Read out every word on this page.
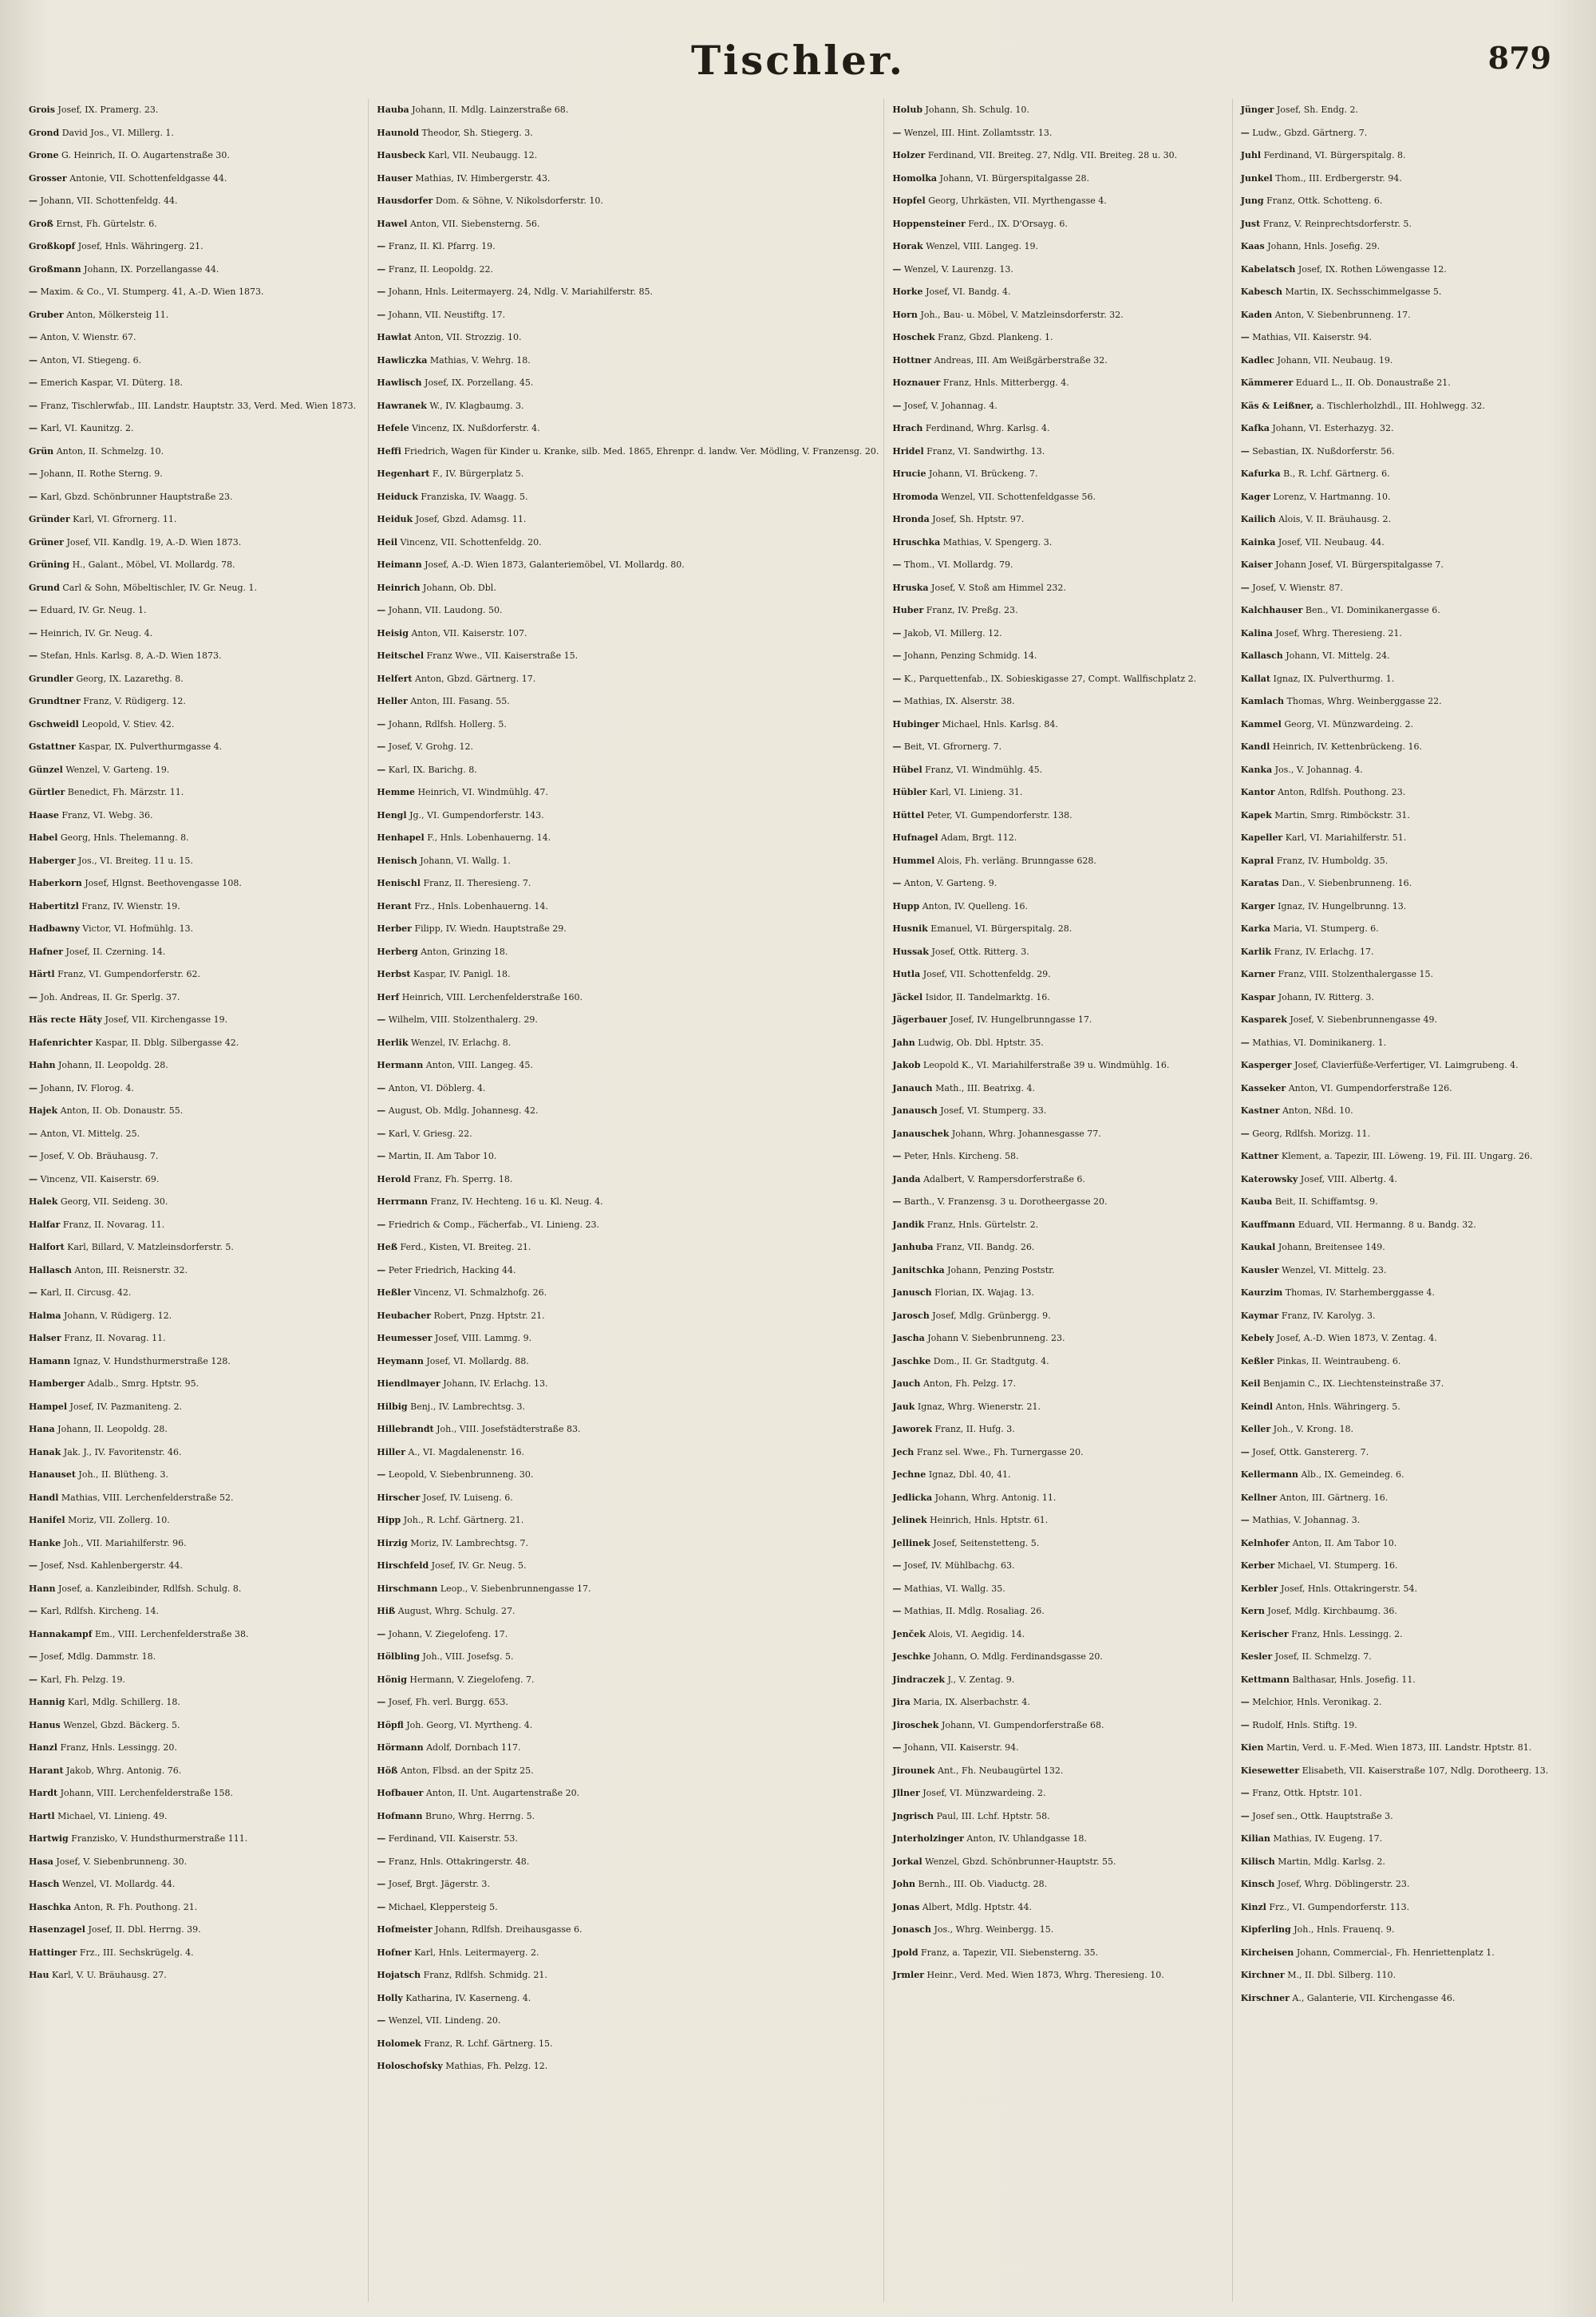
Tischler.	879
Grois Josef, IX. Pramerg. 23.
Grond David Jos., VI. Millerg. 1.
Grone G. Heinrich, II. O. Augartenstraße 30.
Grosser Antonie, VII. Schottenfeldgasse 44.
— Johann, VII. Schottenfeldg. 44.
Groß Ernst, Fh. Gürtelstr. 6.
Großkopf Josef, Hnls. Währingerg. 21.
Großmann Johann, IX. Porzellangasse 44.
— Maxim. & Co., VI. Stumperg. 41, A.-D. Wien 1873.
Gruber Anton, Mölkersteig 11.
— Anton, V. Wienstr. 67.
— Anton, VI. Stiegeng. 6.
— Emerich Kaspar, VI. Düterg. 18.
— Franz, Tischlerwfab., III. Landstr. Hauptstr. 33, Verd. Med. Wien 1873.
— Karl, VI. Kaunitzg. 2.
Grün Anton, II. Schmelzg. 10.
— Johann, II. Rothe Sterng. 9.
— Karl, Gbzd. Schönbrunner Hauptstraße 23.
Gründer Karl, VI. Gfrornerg. 11.
Grüner Josef, VII. Kandlg. 19, A.-D. Wien 1873.
Grüning H., Galant., Möbel, VI. Mollardg. 78.
Grund Carl & Sohn, Möbeltischler, IV. Gr. Neug. 1.
— Eduard, IV. Gr. Neug. 1.
— Heinrich, IV. Gr. Neug. 4.
— Stefan, Hnls. Karlsg. 8, A.-D. Wien 1873.
Grundler Georg, IX. Lazarethg. 8.
Grundtner Franz, V. Rüdigerg. 12.
Gschweidl Leopold, V. Stiev. 42.
Gstattner Kaspar, IX. Pulverthurmgasse 4.
Günzel Wenzel, V. Garteng. 19.
Gürtler Benedict, Fh. Märzstr. 11.
Haase Franz, VI. Webg. 36.
Habel Georg, Hnls. Thelemanng. 8.
Haberger Jos., VI. Breiteg. 11 u. 15.
Haberkorn Josef, Hlgnst. Beethovengasse 108.
Habertitzl Franz, IV. Wienstr. 19.
Hadbawny Victor, VI. Hofmühlg. 13.
Hafner Josef, II. Czerning. 14.
Härtl Franz, VI. Gumpendorferstr. 62.
— Joh. Andreas, II. Gr. Sperlg. 37.
Häs recte Häty Josef, VII. Kirchengasse 19.
Hafenrichter Kaspar, II. Dblg. Silbergasse 42.
Hahn Johann, II. Leopoldg. 28.
— Johann, IV. Florog. 4.
Hajek Anton, II. Ob. Donaustr. 55.
— Anton, VI. Mittelg. 25.
— Josef, V. Ob. Bräuhausg. 7.
— Vincenz, VII. Kaiserstr. 69.
Halek Georg, VII. Seideng. 30.
Halfar Franz, II. Novarag. 11.
Halfort Karl, Billard, V. Matzleinsdorferstr. 5.
Hallasch Anton, III. Reisnerstr. 32.
— Karl, II. Circusg. 42.
Halma Johann, V. Rüdigerg. 12.
Halser Franz, II. Novarag. 11.
Hamann Ignaz, V. Hundsthurmerstraße 128.
Hamberger Adalb., Smrg. Hptstr. 95.
Hampel Josef, IV. Pazmaniteng. 2.
Hana Johann, II. Leopoldg. 28.
Hanak Jak. J., IV. Favoritenstr. 46.
Hanauset Joh., II. Blütheng. 3.
Handl Mathias, VIII. Lerchenfelderstraße 52.
Hanifel Moriz, VII. Zollerg. 10.
Hanke Joh., VII. Mariahilferstr. 96.
— Josef, Nsd. Kahlenbergerstr. 44.
Hann Josef, a. Kanzleibinder, Rdlfsh. Schulg. 8.
— Karl, Rdlfsh. Kircheng. 14.
Hannakampf Em., VIII. Lerchenfelderstraße 38.
— Josef, Mdlg. Dammstr. 18.
— Karl, Fh. Pelzg. 19.
Hannig Karl, Mdlg. Schillerg. 18.
Hanus Wenzel, Gbzd. Bäckerg. 5.
Hanzl Franz, Hnls. Lessingg. 20.
Harant Jakob, Whrg. Antonig. 76.
Hardt Johann, VIII. Lerchenfelderstraße 158.
Hartl Michael, VI. Linieng. 49.
Hartwig Franzisko, V. Hundsthurmerstraße 111.
Hasa Josef, V. Siebenbrunneng. 30.
Hasch Wenzel, VI. Mollardg. 44.
Haschka Anton, R. Fh. Pouthong. 21.
Hasenzagel Josef, II. Dbl. Herrng. 39.
Hattinger Frz., III. Sechskrügelg. 4.
Hau Karl, V. U. Bräuhausg. 27.
Hauba Johann, II. Mdlg. Lainzerstraße 68.
Haunold Theodor, Sh. Stiegerg. 3.
Hausbeck Karl, VII. Neubaugg. 12.
Hauser Mathias, IV. Himbergerstr. 43.
Hausdorfer Dom. & Söhne, V. Nikolsdorferstr. 10.
Hawel Anton, VII. Siebensterng. 56.
— Franz, II. Kl. Pfarrg. 19.
— Franz, II. Leopoldg. 22.
— Johann, Hnls. Leitermayerg. 24, Ndlg. V. Mariahilferstr. 85.
— Johann, VII. Neustiftg. 17.
Hawlat Anton, VII. Strozzig. 10.
Hawliczka Mathias, V. Wehrg. 18.
Hawlisch Josef, IX. Porzellang. 45.
Hawranek W., IV. Klagbaumg. 3.
Hefele Vincenz, IX. Nußdorferstr. 4.
Heffi Friedrich, Wagen für Kinder u. Kranke, silb. Med. 1865, Ehrenpr. d. landw. Ver. Mödling, V. Franzensg. 20.
Hegenhart F., IV. Bürgerplatz 5.
Heiduck Franziska, IV. Waagg. 5.
Heiduk Josef, Gbzd. Adamsg. 11.
Heil Vincenz, VII. Schottenfeldg. 20.
Heimann Josef, A.-D. Wien 1873, Galanteriemöbel, VI. Mollardg. 80.
Heinrich Johann, Ob. Dbl.
— Johann, VII. Laudong. 50.
Heisig Anton, VII. Kaiserstr. 107.
Heitschel Franz Wwe., VII. Kaiserstraße 15.
Helfert Anton, Gbzd. Gärtnerg. 17.
Heller Anton, III. Fasang. 55.
— Johann, Rdlfsh. Hollerg. 5.
— Josef, V. Grohg. 12.
— Karl, IX. Barichg. 8.
Hemme Heinrich, VI. Windmühlg. 47.
Hengl Jg., VI. Gumpendorferstr. 143.
Henhapel F., Hnls. Lobenhauerng. 14.
Henisch Johann, VI. Wallg. 1.
Henischl Franz, II. Theresieng. 7.
Herant Frz., Hnls. Lobenhauerng. 14.
Herber Filipp, IV. Wiedn. Hauptstraße 29.
Herberg Anton, Grinzing 18.
Herbst Kaspar, IV. Panigl. 18.
Herf Heinrich, VIII. Lerchenfelderstraße 160.
— Wilhelm, VIII. Stolzenthalerg. 29.
Herlik Wenzel, IV. Erlachg. 8.
Hermann Anton, VIII. Langeg. 45.
— Anton, VI. Döblerg. 4.
— August, Ob. Mdlg. Johannesg. 42.
— Karl, V. Griesg. 22.
— Martin, II. Am Tabor 10.
Herold Franz, Fh. Sperrg. 18.
Herrmann Franz, IV. Hechteng. 16 u. Kl. Neug. 4.
— Friedrich & Comp., Fächerfab., VI. Linieng. 23.
Heß Ferd., Kisten, VI. Breiteg. 21.
— Peter Friedrich, Hacking 44.
Heßler Vincenz, VI. Schmalzhofg. 26.
Heubacher Robert, Pnzg. Hptstr. 21.
Heumesser Josef, VIII. Lammg. 9.
Heymann Josef, VI. Mollardg. 88.
Hiendlmayer Johann, IV. Erlachg. 13.
Hilbig Benj., IV. Lambrechtsg. 3.
Hillebrandt Joh., VIII. Josefstädterstraße 83.
Hiller A., VI. Magdalenenstr. 16.
— Leopold, V. Siebenbrunneng. 30.
Hirscher Josef, IV. Luiseng. 6.
Hipp Joh., R. Lchf. Gärtnerg. 21.
Hirzig Moriz, IV. Lambrechtsg. 7.
Hirschfeld Josef, IV. Gr. Neug. 5.
Hirschmann Leop., V. Siebenbrunnengasse 17.
Hiß August, Whrg. Schulg. 27.
— Johann, V. Ziegelofeng. 17.
Hölbling Joh., VIII. Josefsg. 5.
Hönig Hermann, V. Ziegelofeng. 7.
— Josef, Fh. verl. Burgg. 653.
Höpfl Joh. Georg, VI. Myrtheng. 4.
Hörmann Adolf, Dornbach 117.
Höß Anton, Flbsd. an der Spitz 25.
Hofbauer Anton, II. Unt. Augartenstraße 20.
Hofmann Bruno, Whrg. Herrng. 5.
— Ferdinand, VII. Kaiserstr. 53.
— Franz, Hnls. Ottakringerstr. 48.
— Josef, Brgt. Jägerstr. 3.
— Michael, Kleppersteig 5.
Hofmeister Johann, Rdlfsh. Dreihausgasse 6.
Hofner Karl, Hnls. Leitermayerg. 2.
Hojatsch Franz, Rdlfsh. Schmidg. 21.
Holly Katharina, IV. Kaserneng. 4.
— Wenzel, VII. Lindeng. 20.
Holomek Franz, R. Lchf. Gärtnerg. 15.
Holoschofsky Mathias, Fh. Pelzg. 12.
Holub Johann, Sh. Schulg. 10.
— Wenzel, III. Hint. Zollamtsstr. 13.
Holzer Ferdinand, VII. Breiteg. 27, Ndlg. VII. Breiteg. 28 u. 30.
Homolka Johann, VI. Bürgerspitalgasse 28.
Hopfel Georg, Uhrkästen, VII. Myrthengasse 4.
Hoppensteiner Ferd., IX. D'Orsayg. 6.
Horak Wenzel, VIII. Langeg. 19.
— Wenzel, V. Laurenzg. 13.
Horke Josef, VI. Bandg. 4.
Horn Joh., Bau- u. Möbel, V. Matzleinsdorferstr. 32.
Hoschek Franz, Gbzd. Plankeng. 1.
Hottner Andreas, III. Am Weißgärberstraße 32.
Hoznauer Franz, Hnls. Mitterbergg. 4.
— Josef, V. Johannag. 4.
Hrach Ferdinand, Whrg. Karlsg. 4.
Hridel Franz, VI. Sandwirthg. 13.
Hrucie Johann, VI. Brückeng. 7.
Hromoda Wenzel, VII. Schottenfeldgasse 56.
Hronda Josef, Sh. Hptstr. 97.
Hruschka Mathias, V. Spengerg. 3.
— Thom., VI. Mollardg. 79.
Hruska Josef, V. Stoß am Himmel 232.
Huber Franz, IV. Preßg. 23.
— Jakob, VI. Millerg. 12.
— Johann, Penzing Schmidg. 14.
— K., Parquettenfab., IX. Sobieskigasse 27, Compt. Wallfischplatz 2.
— Mathias, IX. Alserstr. 38.
Hubinger Michael, Hnls. Karlsg. 84.
— Beit, VI. Gfrornerg. 7.
Hübel Franz, VI. Windmühlg. 45.
Hübler Karl, VI. Linieng. 31.
Hüttel Peter, VI. Gumpendorferstr. 138.
Hufnagel Adam, Brgt. 112.
Hummel Alois, Fh. verläng. Brunngasse 628.
— Anton, V. Garteng. 9.
Hupp Anton, IV. Quelleng. 16.
Husnik Emanuel, VI. Bürgerspitalg. 28.
Hussak Josef, Ottk. Ritterg. 3.
Hutla Josef, VII. Schottenfeldg. 29.
Jäckel Isidor, II. Tandelmarktg. 16.
Jägerbauer Josef, IV. Hungelbrunngasse 17.
Jahn Ludwig, Ob. Dbl. Hptstr. 35.
Jakob Leopold K., VI. Mariahilferstraße 39 u. Windmühlg. 16.
Janauch Math., III. Beatrixg. 4.
Janausch Josef, VI. Stumperg. 33.
Janauschek Johann, Whrg. Johannesgasse 77.
— Peter, Hnls. Kircheng. 58.
Janda Adalbert, V. Rampersdorferstraße 6.
— Barth., V. Franzensg. 3 u. Dorotheergasse 20.
Jandik Franz, Hnls. Gürtelstr. 2.
Janhuba Franz, VII. Bandg. 26.
Janitschka Johann, Penzing Poststr.
Janusch Florian, IX. Wajag. 13.
Jarosch Josef, Mdlg. Grünbergg. 9.
Jascha Johann V. Siebenbrunneng. 23.
Jaschke Dom., II. Gr. Stadtgutg. 4.
Jauch Anton, Fh. Pelzg. 17.
Jauk Ignaz, Whrg. Wienerstr. 21.
Jaworek Franz, II. Hufg. 3.
Jech Franz sel. Wwe., Fh. Turnergasse 20.
Jechne Ignaz, Dbl. 40, 41.
Jedlicka Johann, Whrg. Antonig. 11.
Jelinek Heinrich, Hnls. Hptstr. 61.
Jellinek Josef, Seitenstetteng. 5.
— Josef, IV. Mühlbachg. 63.
— Mathias, VI. Wallg. 35.
— Mathias, II. Mdlg. Rosaliag. 26.
Jenček Alois, VI. Aegidig. 14.
Jeschke Johann, O. Mdlg. Ferdinandsgasse 20.
Jindraczek J., V. Zentag. 9.
Jira Maria, IX. Alserbachstr. 4.
Jiroschek Johann, VI. Gumpendorferstraße 68.
— Johann, VII. Kaiserstr. 94.
Jirounek Ant., Fh. Neubaugürtel 132.
Jllner Josef, VI. Münzwardeing. 2.
Jngrisch Paul, III. Lchf. Hptstr. 58.
Jnterholzinger Anton, IV. Uhlandgasse 18.
Jorkal Wenzel, Gbzd. Schönbrunner-Hauptstr. 55.
John Bernh., III. Ob. Viaductg. 28.
Jonas Albert, Mdlg. Hptstr. 44.
Jonasch Jos., Whrg. Weinbergg. 15.
Jpold Franz, a. Tapezir, VII. Siebensterng. 35.
Jrmler Heinr., Verd. Med. Wien 1873, Whrg. Theresieng. 10.
Jünger Josef, Sh. Endg. 2.
— Ludw., Gbzd. Gärtnerg. 7.
Juhl Ferdinand, VI. Bürgerspitalg. 8.
Junkel Thom., III. Erdbergerstr. 94.
Jung Franz, Ottk. Schotteng. 6.
Just Franz, V. Reinprechtsdorferstr. 5.
Kaas Johann, Hnls. Josefig. 29.
Kabelatsch Josef, IX. Rothen Löwengasse 12.
Kabesch Martin, IX. Sechsschimmelgasse 5.
Kaden Anton, V. Siebenbrunneng. 17.
— Mathias, VII. Kaiserstr. 94.
Kadlec Johann, VII. Neubaug. 19.
Kämmerer Eduard L., II. Ob. Donaustraße 21.
Käs & Leißner, a. Tischlerholzhdl., III. Hohlwegg. 32.
Kafka Johann, VI. Esterhazyg. 32.
— Sebastian, IX. Nußdorferstr. 56.
Kafurka B., R. Lchf. Gärtnerg. 6.
Kager Lorenz, V. Hartmanng. 10.
Kailich Alois, V. II. Bräuhausg. 2.
Kainka Josef, VII. Neubaug. 44.
Kaiser Johann Josef, VI. Bürgerspitalgasse 7.
— Josef, V. Wienstr. 87.
Kalchhauser Ben., VI. Dominikanergasse 6.
Kalina Josef, Whrg. Theresieng. 21.
Kallasch Johann, VI. Mittelg. 24.
Kallat Ignaz, IX. Pulverthurmg. 1.
Kamlach Thomas, Whrg. Weinberggasse 22.
Kammel Georg, VI. Münzwardeing. 2.
Kandl Heinrich, IV. Kettenbrückeng. 16.
Kanka Jos., V. Johannag. 4.
Kantor Anton, Rdlfsh. Pouthong. 23.
Kapek Martin, Smrg. Rimböckstr. 31.
Kapeller Karl, VI. Mariahilferstr. 51.
Kapral Franz, IV. Humboldg. 35.
Karatas Dan., V. Siebenbrunneng. 16.
Karger Ignaz, IV. Hungelbrunng. 13.
Karka Maria, VI. Stumperg. 6.
Karlik Franz, IV. Erlachg. 17.
Karner Franz, VIII. Stolzenthalergasse 15.
Kaspar Johann, IV. Ritterg. 3.
Kasparek Josef, V. Siebenbrunnengasse 49.
— Mathias, VI. Dominikanerg. 1.
Kasperger Josef, Clavierfüße-Verfertiger, VI. Laimgrubeng. 4.
Kasseker Anton, VI. Gumpendorferstraße 126.
Kastner Anton, Nßd. 10.
— Georg, Rdlfsh. Morizg. 11.
Kattner Klement, a. Tapezir, III. Löweng. 19, Fil. III. Ungarg. 26.
Katerowsky Josef, VIII. Albertg. 4.
Kauba Beit, II. Schiffamtsg. 9.
Kauffmann Eduard, VII. Hermanng. 8 u. Bandg. 32.
Kaukal Johann, Breitensee 149.
Kausler Wenzel, VI. Mittelg. 23.
Kaurzim Thomas, IV. Starhemberggasse 4.
Kaymar Franz, IV. Karolyg. 3.
Kebely Josef, A.-D. Wien 1873, V. Zentag. 4.
Keßler Pinkas, II. Weintraubeng. 6.
Keil Benjamin C., IX. Liechtensteinstraße 37.
Keindl Anton, Hnls. Währingerg. 5.
Keller Joh., V. Krong. 18.
— Josef, Ottk. Ganstererg. 7.
Kellermann Alb., IX. Gemeindeg. 6.
Kellner Anton, III. Gärtnerg. 16.
— Mathias, V. Johannag. 3.
Kelnhofer Anton, II. Am Tabor 10.
Kerber Michael, VI. Stumperg. 16.
Kerbler Josef, Hnls. Ottakringerstr. 54.
Kern Josef, Mdlg. Kirchbaumg. 36.
Kerischer Franz, Hnls. Lessingg. 2.
Kesler Josef, II. Schmelzg. 7.
Kettmann Balthasar, Hnls. Josefig. 11.
— Melchior, Hnls. Veronikag. 2.
— Rudolf, Hnls. Stiftg. 19.
Kien Martin, Verd. u. F.-Med. Wien 1873, III. Landstr. Hptstr. 81.
Kiesewetter Elisabeth, VII. Kaiserstraße 107, Ndlg. Dorotheerg. 13.
— Franz, Ottk. Hptstr. 101.
— Josef sen., Ottk. Hauptstraße 3.
Kilian Mathias, IV. Eugeng. 17.
Kilisch Martin, Mdlg. Karlsg. 2.
Kinsch Josef, Whrg. Döblingerstr. 23.
Kinzl Frz., VI. Gumpendorferstr. 113.
Kipferling Joh., Hnls. Frauenq. 9.
Kircheisen Johann, Commercial-, Fh. Henriettenplatz 1.
Kirchner M., II. Dbl. Silberg. 110.
Kirschner A., Galanterie, VII. Kirchengasse 46.
